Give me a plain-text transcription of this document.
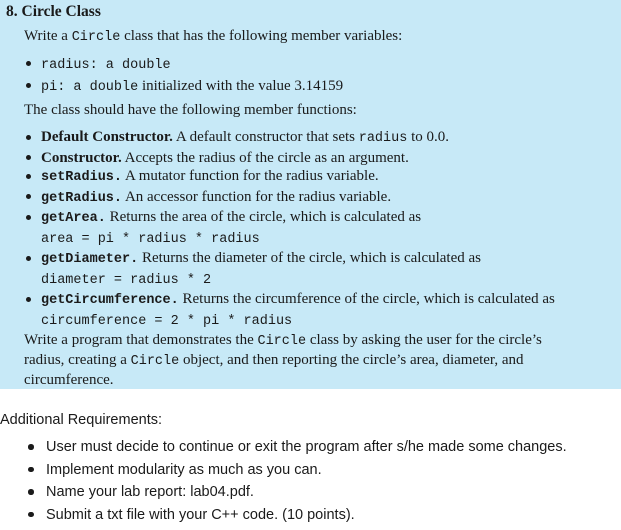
8. Circle Class

Write a Circle class that has the following member variables:

radius: a double
pi: a double initialized with the value 3.14159

The class should have the following member functions:

Default Constructor. A default constructor that sets radius to 0.0.
Constructor. Accepts the radius of the circle as an argument.
setRadius. A mutator function for the radius variable.
getRadius. An accessor function for the radius variable.
getArea. Returns the area of the circle, which is calculated as
area = pi * radius * radius
getDiameter. Returns the diameter of the circle, which is calculated as
diameter = radius * 2
getCircumference. Returns the circumference of the circle, which is calculated as
circumference = 2 * pi * radius

Write a program that demonstrates the Circle class by asking the user for the circle’s
radius, creating a Circle object, and then reporting the circle’s area, diameter, and
circumference.

Additional Requirements:
User must decide to continue or exit the program after s/he made some changes.
Implement modularity as much as you can.
Name your lab report: lab04.pdf.
Submit a txt file with your C++ code. (10 points).
